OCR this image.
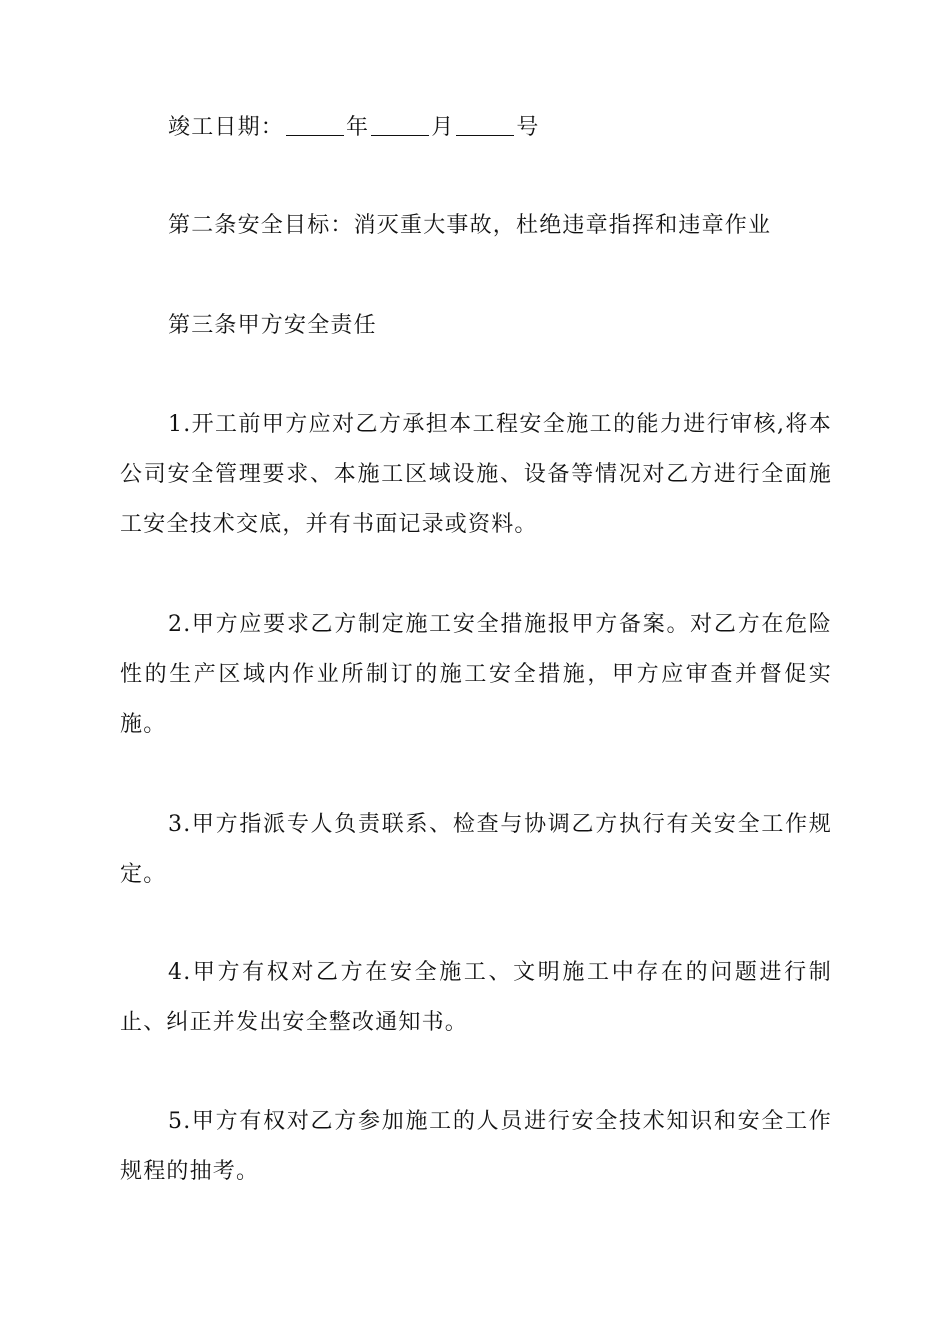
竣工日期：	年	月	号

第二条安全目标：消灭重大事故，杜绝违章指挥和违章作业

第三条甲方安全责任

1.开工前甲方应对乙方承担本工程安全施工的能力进行审核,将本公司安全管理要求、本施工区域设施、设备等情况对乙方进行全面施工安全技术交底，并有书面记录或资料。

2.甲方应要求乙方制定施工安全措施报甲方备案。对乙方在危险性的生产区域内作业所制订的施工安全措施，甲方应审查并督促实施。

3.甲方指派专人负责联系、检查与协调乙方执行有关安全工作规定。

4.甲方有权对乙方在安全施工、文明施工中存在的问题进行制止、纠正并发出安全整改通知书。

5.甲方有权对乙方参加施工的人员进行安全技术知识和安全工作规程的抽考。
